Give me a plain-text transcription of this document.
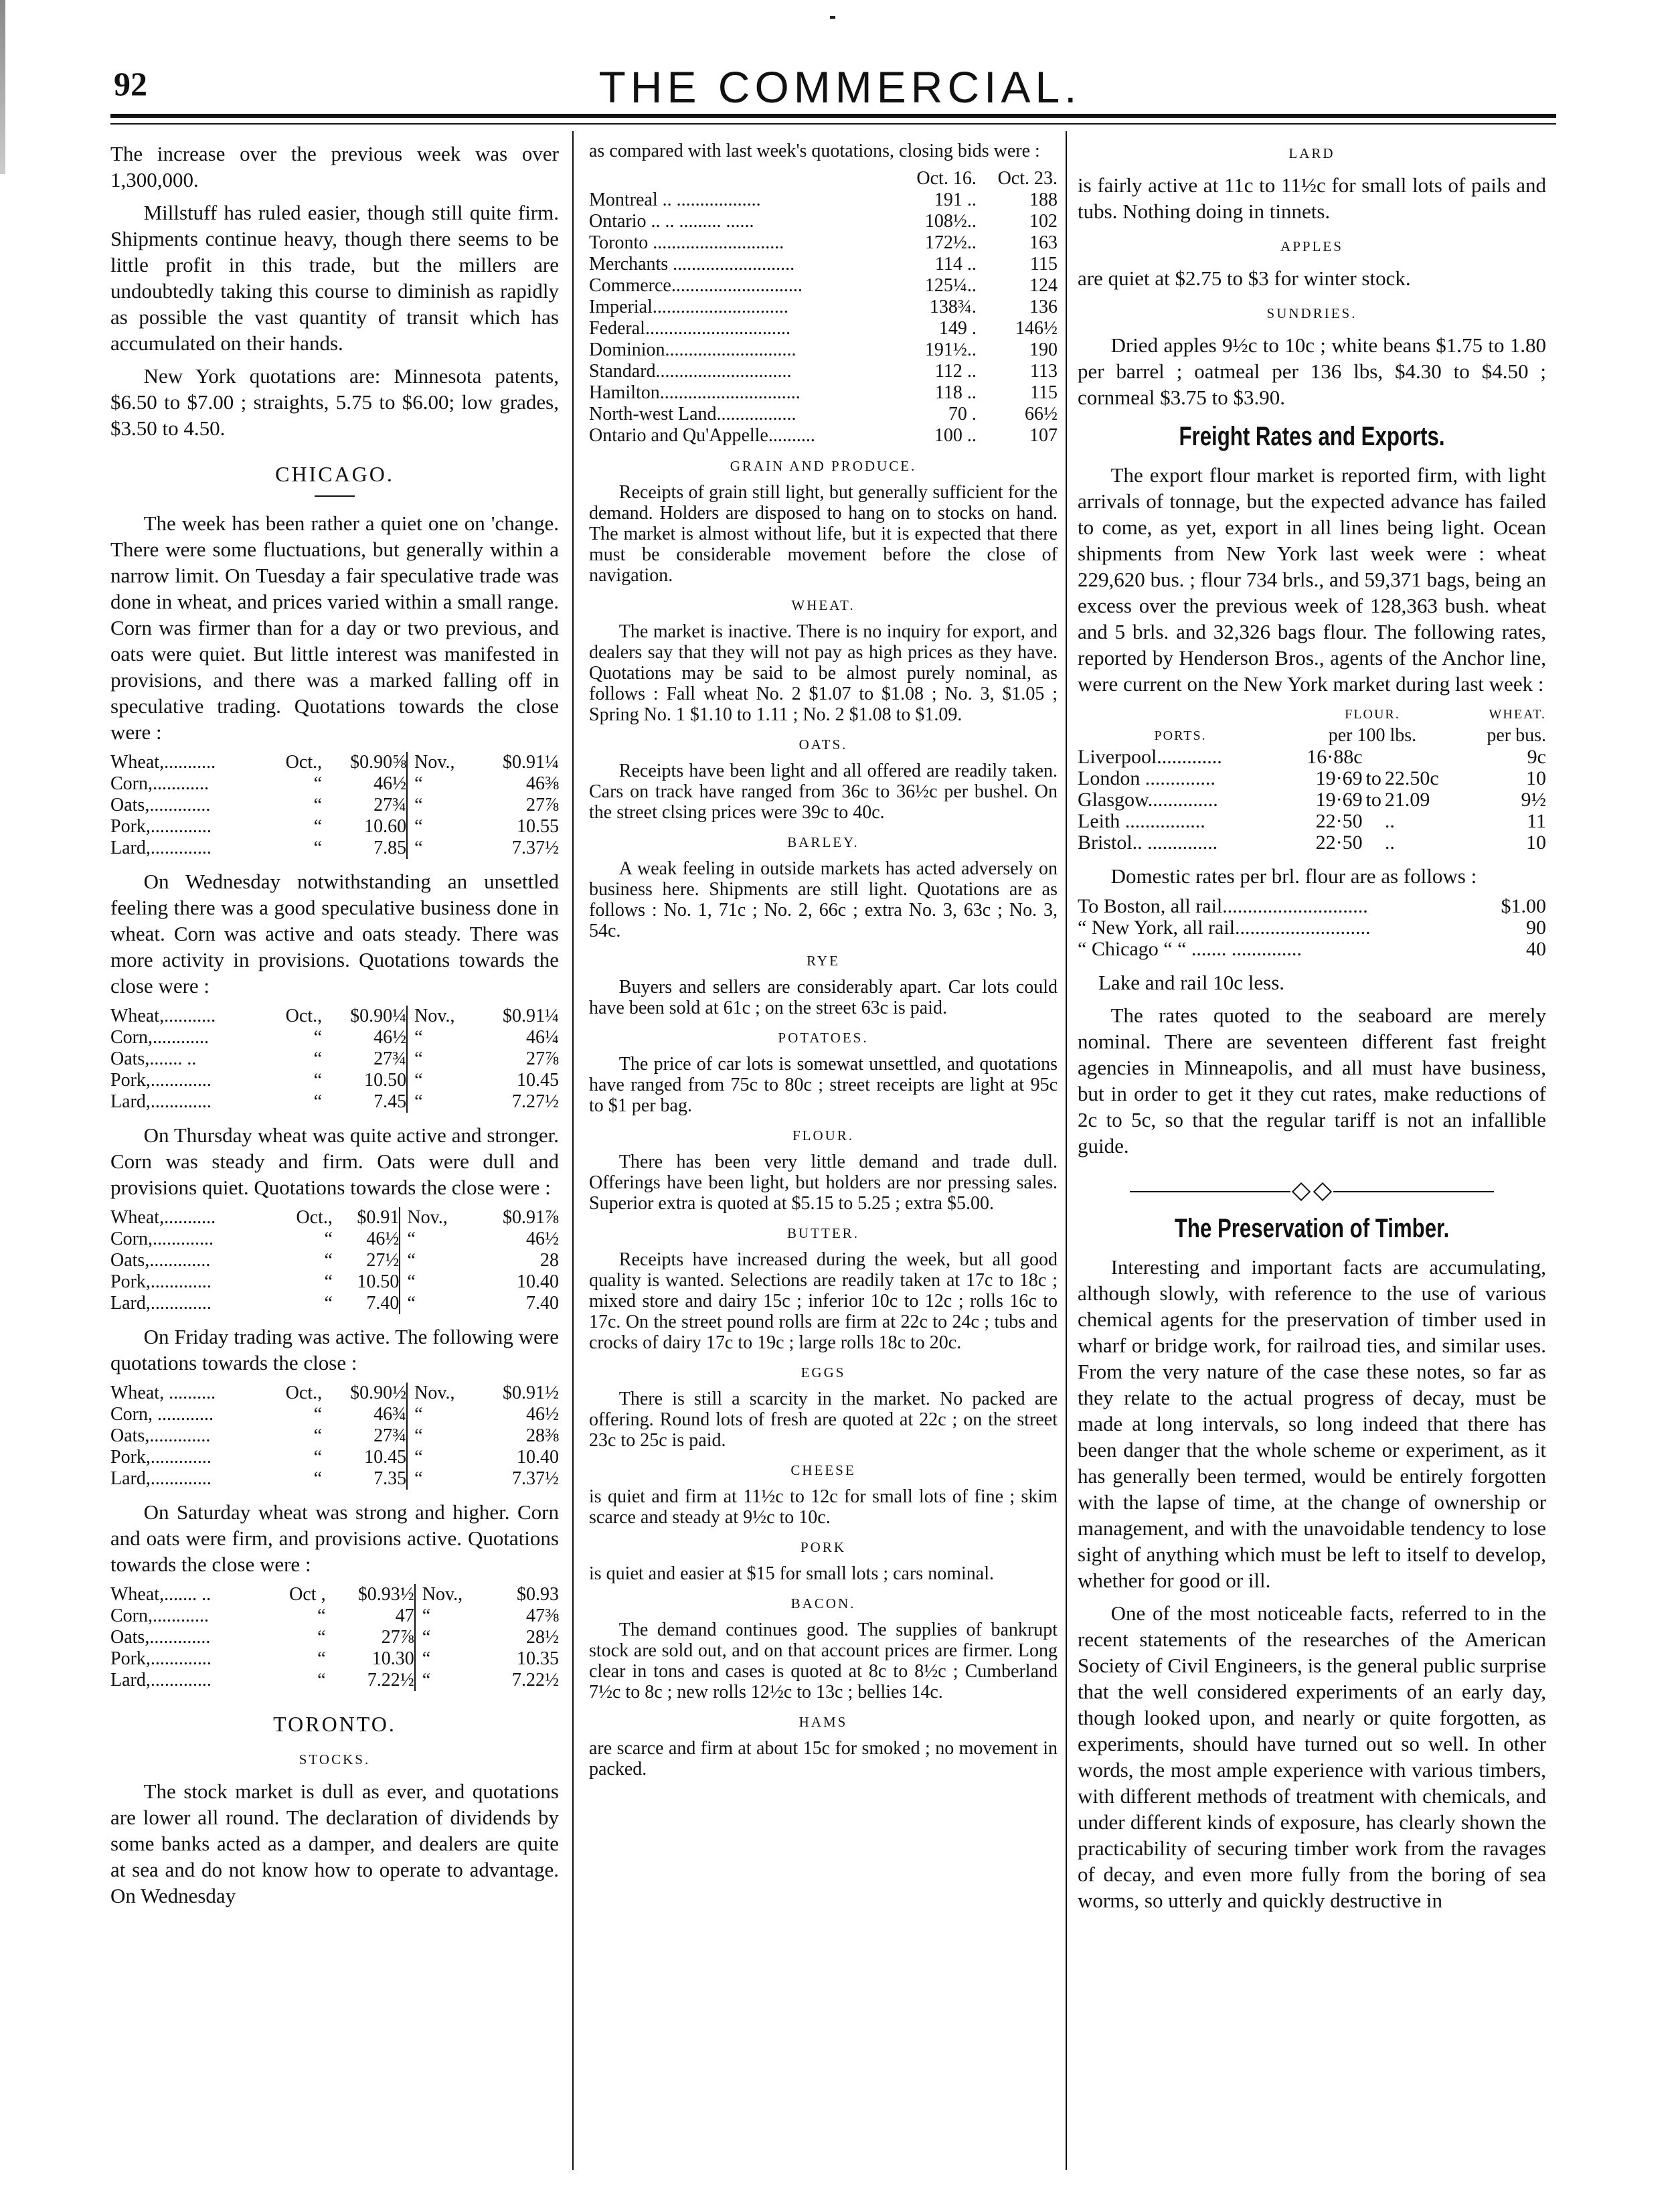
92	THE COMMERCIAL.

The increase over the previous week was over 1,300,000.

Millstuff has ruled easier, though still quite firm. Shipments continue heavy, though there seems to be little profit in this trade, but the millers are undoubtedly taking this course to diminish as rapidly as possible the vast quantity of transit which has accumulated on their hands.

New York quotations are: Minnesota patents, $6.50 to $7.00 ; straights, 5.75 to $6.00; low grades, $3.50 to 4.50.

CHICAGO.

The week has been rather a quiet one on 'change. There were some fluctuations, but generally within a narrow limit. On Tuesday a fair speculative trade was done in wheat, and prices varied within a small range. Corn was firmer than for a day or two previous, and oats were quiet. But little interest was manifested in provisions, and there was a marked falling off in speculative trading. Quotations towards the close were :

Wheat,...........	Oct.,	$0.90⅝		Nov.,	$0.91¼
Corn,............	“	46½		“	46⅜
Oats,.............	“	27¾		“	27⅞
Pork,.............	“	10.60		“	10.55
Lard,.............	“	7.85		“	7.37½

On Wednesday notwithstanding an unsettled feeling there was a good speculative business done in wheat. Corn was active and oats steady. There was more activity in provisions. Quotations towards the close were :

Wheat,...........	Oct.,	$0.90¼		Nov.,	$0.91¼
Corn,............	“	46½		“	46¼
Oats,....... ..	“	27¾		“	27⅞
Pork,.............	“	10.50		“	10.45
Lard,.............	“	7.45		“	7.27½

On Thursday wheat was quite active and stronger. Corn was steady and firm. Oats were dull and provisions quiet. Quotations towards the close were :

Wheat,...........	Oct.,	$0.91		Nov.,	$0.91⅞
Corn,.............	“	46½		“	46½
Oats,.............	“	27½		“	28
Pork,.............	“	10.50		“	10.40
Lard,.............	“	7.40		“	7.40

On Friday trading was active. The following were quotations towards the close :

Wheat, ..........	Oct.,	$0.90½		Nov.,	$0.91½
Corn, ............	“	46¾		“	46½
Oats,.............	“	27¾		“	28⅜
Pork,.............	“	10.45		“	10.40
Lard,.............	“	7.35		“	7.37½

On Saturday wheat was strong and higher. Corn and oats were firm, and provisions active. Quotations towards the close were :

Wheat,....... ..	Oct ,	$0.93½		Nov.,	$0.93
Corn,............	“	47		“	47⅜
Oats,.............	“	27⅞		“	28½
Pork,.............	“	10.30		“	10.35
Lard,.............	“	7.22½		“	7.22½
TORONTO.
STOCKS.

The stock market is dull as ever, and quotations are lower all round. The declaration of dividends by some banks acted as a damper, and dealers are quite at sea and do not know how to operate to advantage. On Wednesday

as compared with last week's quotations, closing bids were :

	Oct. 16.	Oct. 23.
Montreal .. ..................	191 ..	188
Ontario .. .. ......... ......	108½..	102
Toronto ............................	172½..	163
Merchants ..........................	114 ..	115
Commerce............................	125¼..	124
Imperial.............................	138¾.	136
Federal...............................	149 .	146½
Dominion............................	191½..	190
Standard.............................	112 ..	113
Hamilton..............................	118 ..	115
North-west Land.................	70 .	66½
Ontario and Qu'Appelle..........	100 ..	107
GRAIN AND PRODUCE.

Receipts of grain still light, but generally sufficient for the demand. Holders are disposed to hang on to stocks on hand. The market is almost without life, but it is expected that there must be considerable movement before the close of navigation.

WHEAT.

The market is inactive. There is no inquiry for export, and dealers say that they will not pay as high prices as they have. Quotations may be said to be almost purely nominal, as follows : Fall wheat No. 2 $1.07 to $1.08 ; No. 3, $1.05 ; Spring No. 1 $1.10 to 1.11 ; No. 2 $1.08 to $1.09.

OATS.

Receipts have been light and all offered are readily taken. Cars on track have ranged from 36c to 36½c per bushel. On the street clsing prices were 39c to 40c.

BARLEY.

A weak feeling in outside markets has acted adversely on business here. Shipments are still light. Quotations are as follows : No. 1, 71c ; No. 2, 66c ; extra No. 3, 63c ; No. 3, 54c.

RYE

Buyers and sellers are considerably apart. Car lots could have been sold at 61c ; on the street 63c is paid.

POTATOES.

The price of car lots is somewat unsettled, and quotations have ranged from 75c to 80c ; street receipts are light at 95c to $1 per bag.

FLOUR.

There has been very little demand and trade dull. Offerings have been light, but holders are nor pressing sales. Superior extra is quoted at $5.15 to 5.25 ; extra $5.00.

BUTTER.

Receipts have increased during the week, but all good quality is wanted. Selections are readily taken at 17c to 18c ; mixed store and dairy 15c ; inferior 10c to 12c ; rolls 16c to 17c. On the street pound rolls are firm at 22c to 24c ; tubs and crocks of dairy 17c to 19c ; large rolls 18c to 20c.

EGGS

There is still a scarcity in the market. No packed are offering. Round lots of fresh are quoted at 22c ; on the street 23c to 25c is paid.

CHEESE

is quiet and firm at 11½c to 12c for small lots of fine ; skim scarce and steady at 9½c to 10c.

PORK

is quiet and easier at $15 for small lots ; cars nominal.

BACON.

The demand continues good. The supplies of bankrupt stock are sold out, and on that account prices are firmer. Long clear in tons and cases is quoted at 8c to 8½c ; Cumberland 7½c to 8c ; new rolls 12½c to 13c ; bellies 14c.

HAMS

are scarce and firm at about 15c for smoked ; no movement in packed.

LARD

is fairly active at 11c to 11½c for small lots of pails and tubs. Nothing doing in tinnets.

APPLES

are quiet at $2.75 to $3 for winter stock.

SUNDRIES.

Dried apples 9½c to 10c ; white beans $1.75 to 1.80 per barrel ; oatmeal per 136 lbs, $4.30 to $4.50 ; cornmeal $3.75 to $3.90.

Freight Rates and Exports.

The export flour market is reported firm, with light arrivals of tonnage, but the expected advance has failed to come, as yet, export in all lines being light. Ocean shipments from New York last week were : wheat 229,620 bus. ; flour 734 brls., and 59,371 bags, being an excess over the previous week of 128,363 bush. wheat and 5 brls. and 32,326 bags flour. The following rates, reported by Henderson Bros., agents of the Anchor line, were current on the New York market during last week :

	FLOUR.			WHEAT.
PORTS.	per 100 lbs.			per bus.
Liverpool.............	16·88c			9c
London ..............	19·69	to	22.50c	10
Glasgow..............	19·69	to	21.09	9½
Leith ................	22·50		..	11
Bristol.. ..............	22·50		..	10

Domestic rates per brl. flour are as follows :

To Boston, all rail.............................	$1.00
“ New York, all rail...........................	90
“ Chicago “ “ ....... ..............	40

Lake and rail 10c less.

The rates quoted to the seaboard are merely nominal. There are seventeen different fast freight agencies in Minneapolis, and all must have business, but in order to get it they cut rates, make reductions of 2c to 5c, so that the regular tariff is not an infallible guide.

The Preservation of Timber.

Interesting and important facts are accumulating, although slowly, with reference to the use of various chemical agents for the preservation of timber used in wharf or bridge work, for railroad ties, and similar uses. From the very nature of the case these notes, so far as they relate to the actual progress of decay, must be made at long intervals, so long indeed that there has been danger that the whole scheme or experiment, as it has generally been termed, would be entirely forgotten with the lapse of time, at the change of ownership or management, and with the unavoidable tendency to lose sight of anything which must be left to itself to develop, whether for good or ill.

One of the most noticeable facts, referred to in the recent statements of the researches of the American Society of Civil Engineers, is the general public surprise that the well considered experiments of an early day, though looked upon, and nearly or quite forgotten, as experiments, should have turned out so well. In other words, the most ample experience with various timbers, with different methods of treatment with chemicals, and under different kinds of exposure, has clearly shown the practicability of securing timber work from the ravages of decay, and even more fully from the boring of sea worms, so utterly and quickly destructive in
